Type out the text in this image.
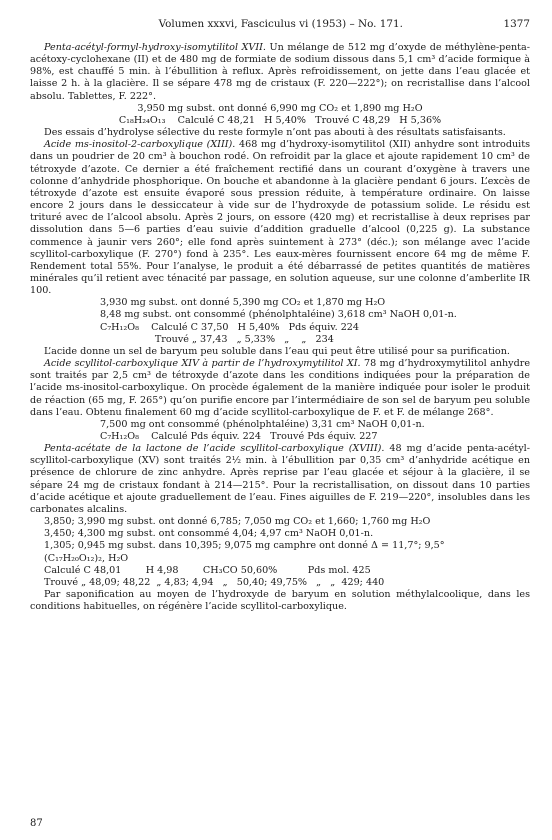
Volumen xxxvi, Fasciculus vi (1953) – No. 171.	1377

Penta-acétyl-formyl-hydroxy-isomytilitol XVII. Un mélange de 512 mg d’oxyde de méthylène-penta-acétoxy-cyclohexane (II) et de 480 mg de formiate de sodium dissous dans 5,1 cm³ d’acide formique à 98%, est chauffé 5 min. à l’ébullition à reflux. Après refroidissement, on jette dans l’eau glacée et laisse 2 h. à la glacière. Il se sépare 478 mg de cristaux (F. 220—222°); on recristallise dans l’alcool absolu. Tablettes, F. 222°.

3,950 mg subst. ont donné 6,990 mg CO₂ et 1,890 mg H₂O
C₁₈H₂₄O₁₃    Calculé C 48,21   H 5,40%   Trouvé C 48,29   H 5,36%

Des essais d’hydrolyse sélective du reste formyle n’ont pas abouti à des résultats satisfaisants.

Acide ms-inositol-2-carboxylique (XIII). 468 mg d’hydroxy-isomytilitol (XII) anhydre sont introduits dans un poudrier de 20 cm³ à bouchon rodé. On refroidit par la glace et ajoute rapidement 10 cm³ de tétroxyde d’azote. Ce dernier a été fraîchement rectifié dans un courant d’oxygène à travers une colonne d’anhydride phosphorique. On bouche et abandonne à la glacière pendant 6 jours. L’excès de tétroxyde d’azote est ensuite évaporé sous pression réduite, à température ordinaire. On laisse encore 2 jours dans le dessiccateur à vide sur de l’hydroxyde de potassium solide. Le résidu est trituré avec de l’alcool absolu. Après 2 jours, on essore (420 mg) et recristallise à deux reprises par dissolution dans 5—6 parties d’eau suivie d’addition graduelle d’alcool (0,225 g). La substance commence à jaunir vers 260°; elle fond après suintement à 273° (déc.); son mélange avec l’acide scyllitol-carboxylique (F. 270°) fond à 235°. Les eaux-mères fournissent encore 64 mg de même F. Rendement total 55%. Pour l’analyse, le produit a été débarrassé de petites quantités de matières minérales qu’il retient avec ténacité par passage, en solution aqueuse, sur une colonne d’amberlite IR 100.

3,930 mg subst. ont donné 5,390 mg CO₂ et 1,870 mg H₂O
8,48 mg subst. ont consommé (phénolphtaléine) 3,618 cm³ NaOH 0,01-n.
C₇H₁₂O₈    Calculé C 37,50   H 5,40%   Pds équiv. 224
Trouvé „ 37,43   „ 5,33%   „    „   234

L’acide donne un sel de baryum peu soluble dans l’eau qui peut être utilisé pour sa purification.

Acide scyllitol-carboxylique XIV à partir de l’hydroxymytilitol XI. 78 mg d’hydroxymytilitol anhydre sont traités par 2,5 cm³ de tétroxyde d’azote dans les conditions indiquées pour la préparation de l’acide ms-inositol-carboxylique. On procède également de la manière indiquée pour isoler le produit de réaction (65 mg, F. 265°) qu’on purifie encore par l’intermédiaire de son sel de baryum peu soluble dans l’eau. Obtenu finalement 60 mg d’acide scyllitol-carboxylique de F. et F. de mélange 268°.

7,500 mg ont consommé (phénolphtaléine) 3,31 cm³ NaOH 0,01-n.
C₇H₁₂O₈    Calculé Pds équiv. 224   Trouvé Pds équiv. 227

Penta-acétate de la lactone de l’acide scyllitol-carboxylique (XVIII). 48 mg d’acide penta-acétyl-scyllitol-carboxylique (XV) sont traités 2½ min. à l’ébullition par 0,35 cm³ d’anhydride acétique en présence de chlorure de zinc anhydre. Après reprise par l’eau glacée et séjour à la glacière, il se sépare 24 mg de cristaux fondant à 214—215°. Pour la recristallisation, on dissout dans 10 parties d’acide acétique et ajoute graduellement de l’eau. Fines aiguilles de F. 219—220°, insolubles dans les carbonates alcalins.

3,850; 3,990 mg subst. ont donné 6,785; 7,050 mg CO₂ et 1,660; 1,760 mg H₂O
3,450; 4,300 mg subst. ont consommé 4,04; 4,97 cm³ NaOH 0,01-n.
1,305; 0,945 mg subst. dans 10,395; 9,075 mg camphre ont donné Δ = 11,7°; 9,5°
(C₁₇H₂₀O₁₂)₂, H₂O
Calculé C 48,01        H 4,98        CH₃CO 50,60%          Pds mol. 425
Trouvé „ 48,09; 48,22  „ 4,83; 4,94   „   50,40; 49,75%   „   „  429; 440

Par saponification au moyen de l’hydroxyde de baryum en solution méthylalcoolique, dans les conditions habituelles, on régénère l’acide scyllitol-carboxylique.

87
